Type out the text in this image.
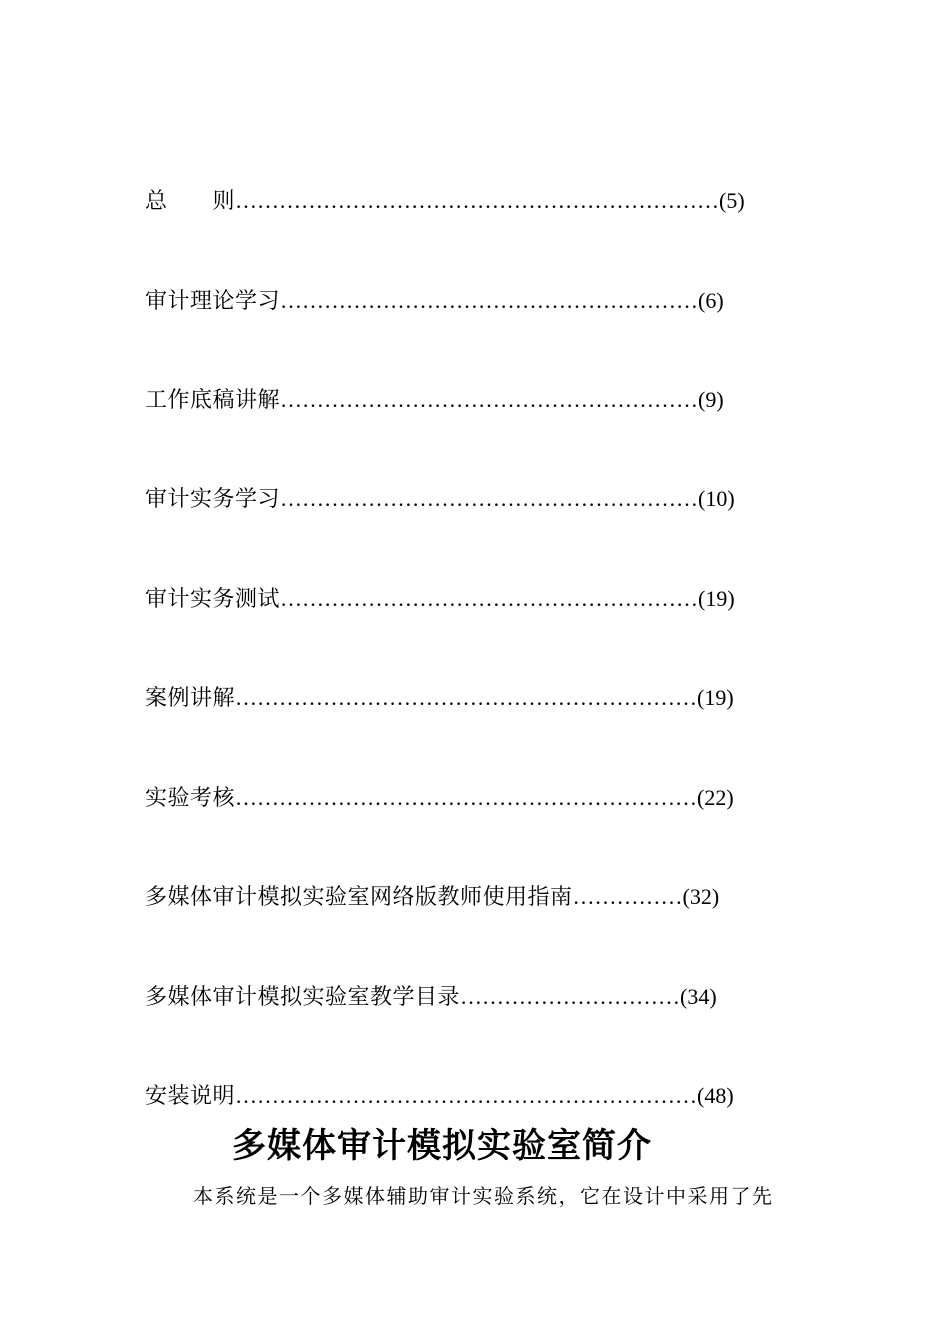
总　　则…………………………………………………………(5)
审计理论学习…………………………………………………(6)
工作底稿讲解…………………………………………………(9)
审计实务学习…………………………………………………(10)
审计实务测试…………………………………………………(19)
案例讲解………………………………………………………(19)
实验考核………………………………………………………(22)
多媒体审计模拟实验室网络版教师使用指南……………(32)
多媒体审计模拟实验室教学目录…………………………(34)
安装说明………………………………………………………(48)
多媒体审计模拟实验室简介

本系统是一个多媒体辅助审计实验系统，它在设计中采用了先
